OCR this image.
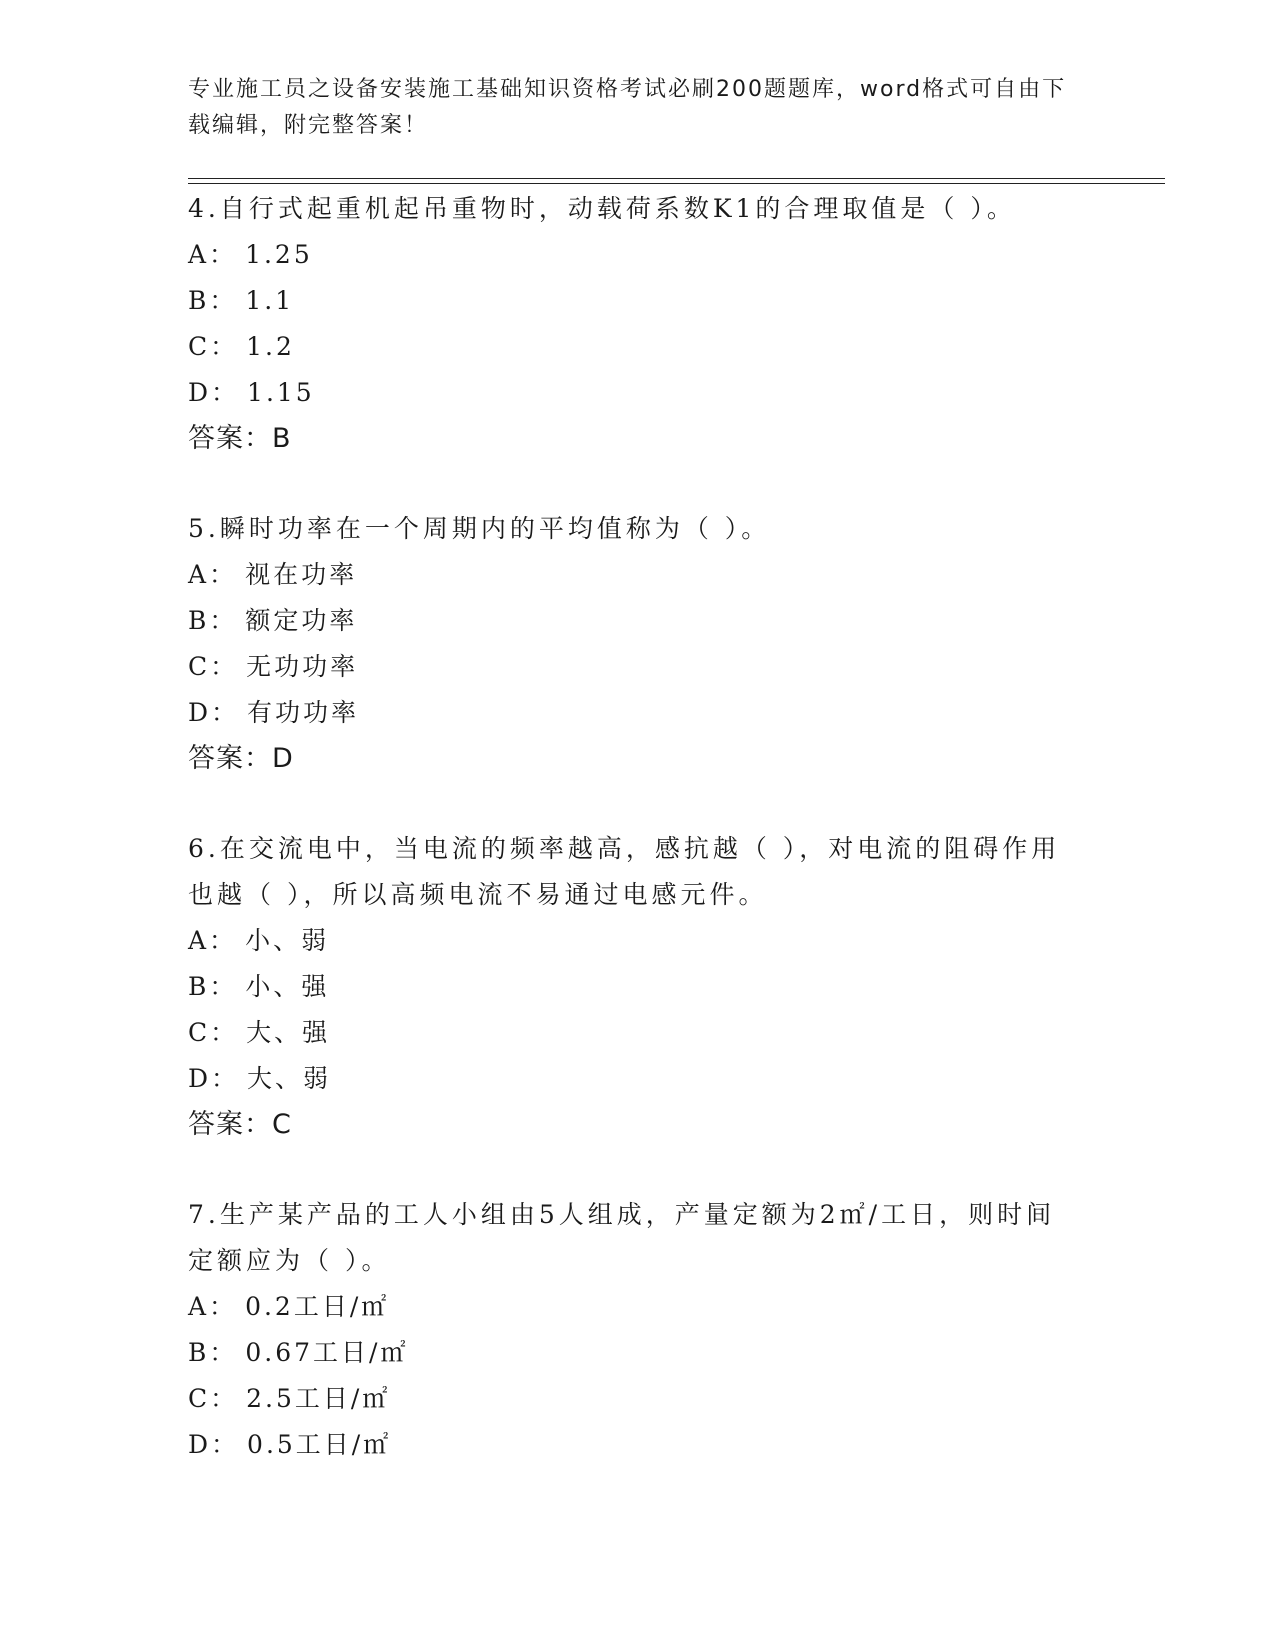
专业施工员之设备安装施工基础知识资格考试必刷200题题库，word格式可自由下载编辑，附完整答案！
4.自行式起重机起吊重物时，动载荷系数K1的合理取值是（ ）。
A： 1.25
B： 1.1
C： 1.2
D： 1.15
答案：B
5.瞬时功率在一个周期内的平均值称为（ ）。
A： 视在功率
B： 额定功率
C： 无功功率
D： 有功功率
答案：D
6.在交流电中，当电流的频率越高，感抗越（ ），对电流的阻碍作用也越（ ），所以高频电流不易通过电感元件。
A： 小、弱
B： 小、强
C： 大、强
D： 大、弱
答案：C
7.生产某产品的工人小组由5人组成，产量定额为2㎡/工日，则时间定额应为（ ）。
A： 0.2工日/㎡
B： 0.67工日/㎡
C： 2.5工日/㎡
D： 0.5工日/㎡
